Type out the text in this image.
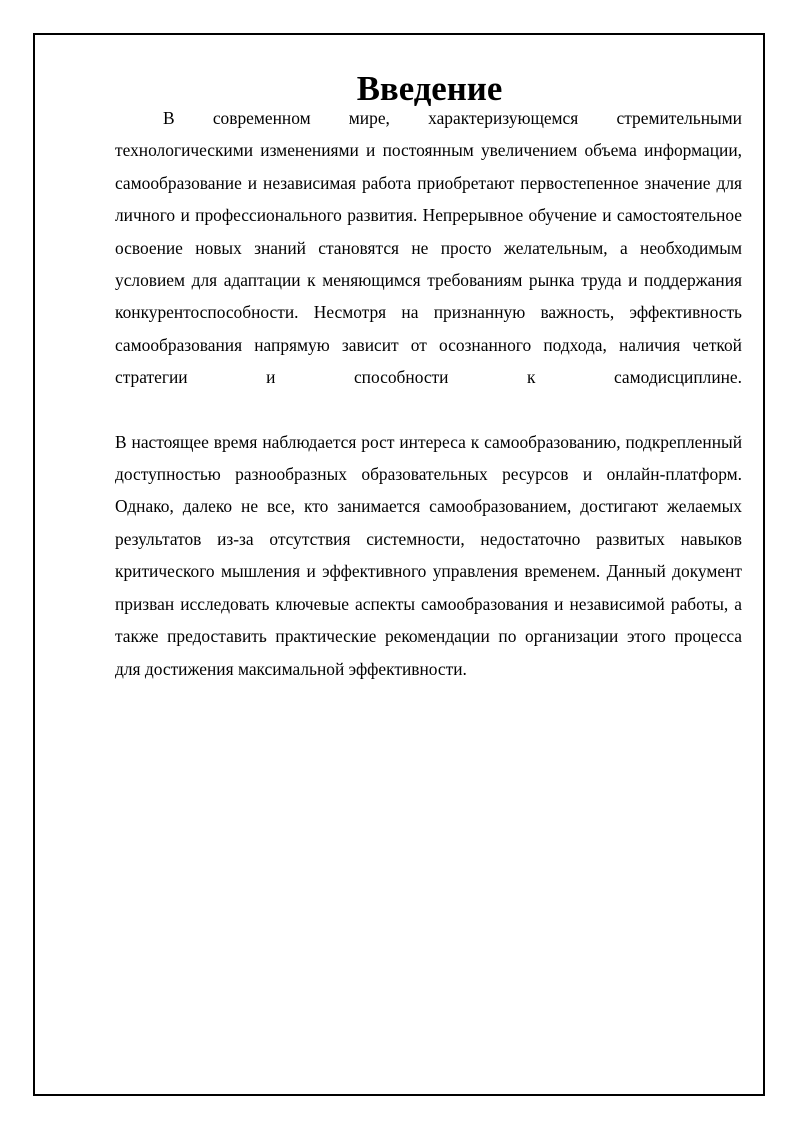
Введение

В современном мире, характеризующемся стремительными технологическими изменениями и постоянным увеличением объема информации, самообразование и независимая работа приобретают первостепенное значение для личного и профессионального развития. Непрерывное обучение и самостоятельное освоение новых знаний становятся не просто желательным, а необходимым условием для адаптации к меняющимся требованиям рынка труда и поддержания конкурентоспособности. Несмотря на признанную важность, эффективность самообразования напрямую зависит от осознанного подхода, наличия четкой стратегии и способности к самодисциплине.

В настоящее время наблюдается рост интереса к самообразованию, подкрепленный доступностью разнообразных образовательных ресурсов и онлайн-платформ. Однако, далеко не все, кто занимается самообразованием, достигают желаемых результатов из-за отсутствия системности, недостаточно развитых навыков критического мышления и эффективного управления временем. Данный документ призван исследовать ключевые аспекты самообразования и независимой работы, а также предоставить практические рекомендации по организации этого процесса для достижения максимальной эффективности.
